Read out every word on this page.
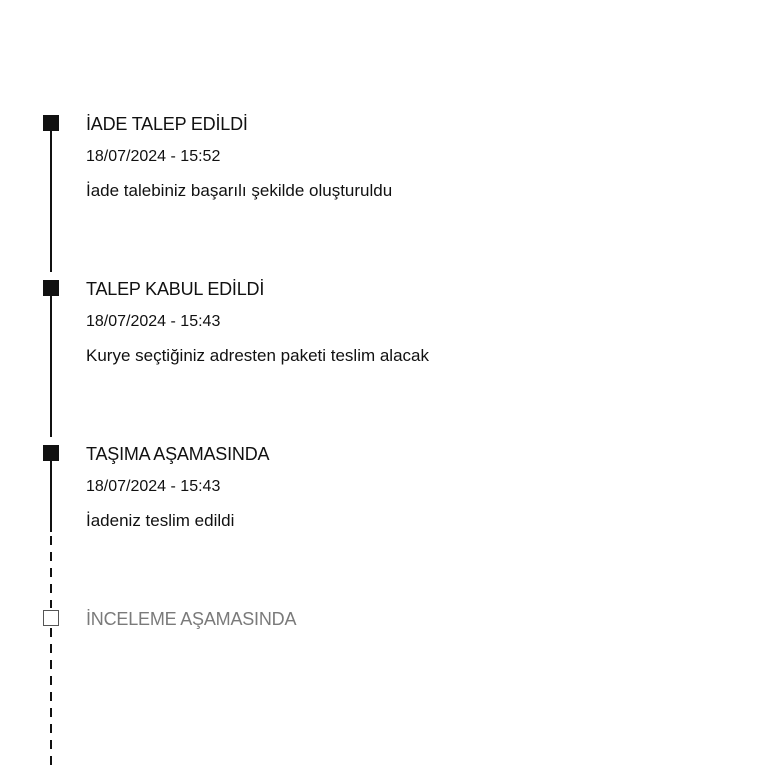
İADE TALEP EDİLDİ
18/07/2024 - 15:52
İade talebiniz başarılı şekilde oluşturuldu
TALEP KABUL EDİLDİ
18/07/2024 - 15:43
Kurye seçtiğiniz adresten paketi teslim alacak
TAŞIMA AŞAMASINDA
18/07/2024 - 15:43
İadeniz teslim edildi
İNCELEME AŞAMASINDA
